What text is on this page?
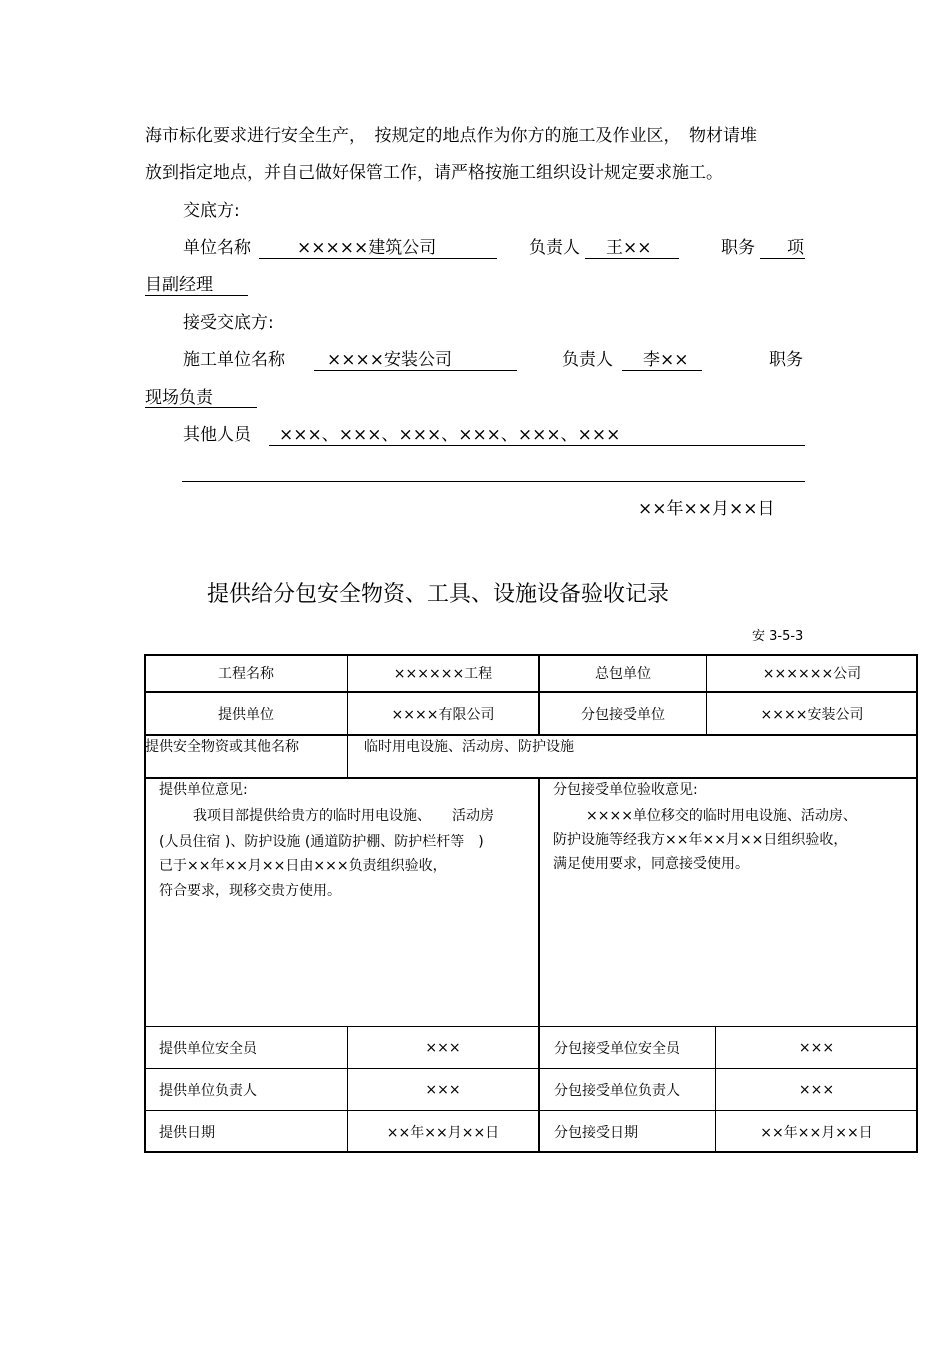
海市标化要求进行安全生产，　按规定的地点作为你方的施工及作业区，　物材请堆
放到指定地点，并自己做好保管工作，请严格按施工组织设计规定要求施工。
交底方:
单位名称	×××××建筑公司	负责人 王××	职务 项
目副经理
接受交底方:
施工单位名称 ××××安装公司	负责人 李××	职务
现场负责
其他人员 ×××、×××、×××、×××、×××、×××
××年××月××日
提供给分包安全物资、工具、设施设备验收记录
安 3-5-3
工程名称	××××××工程	总包单位	××××××公司
提供单位	××××有限公司	分包接受单位	××××安装公司
提供安全物资或其他名称	临时用电设施、活动房、防护设施
提供单位意见:
我项目部提供给贵方的临时用电设施、　　活动房
(人员住宿 )、防护设施 (通道防护棚、防护栏杆等　)
已于××年××月××日由×××负责组织验收，
符合要求，现移交贵方使用。
分包接受单位验收意见:
××××单位移交的临时用电设施、活动房、
防护设施等经我方××年××月××日组织验收，
满足使用要求，同意接受使用。
提供单位安全员	×××	分包接受单位安全员	×××
提供单位负责人	×××	分包接受单位负责人	×××
提供日期	××年××月××日	分包接受日期	××年××月××日
